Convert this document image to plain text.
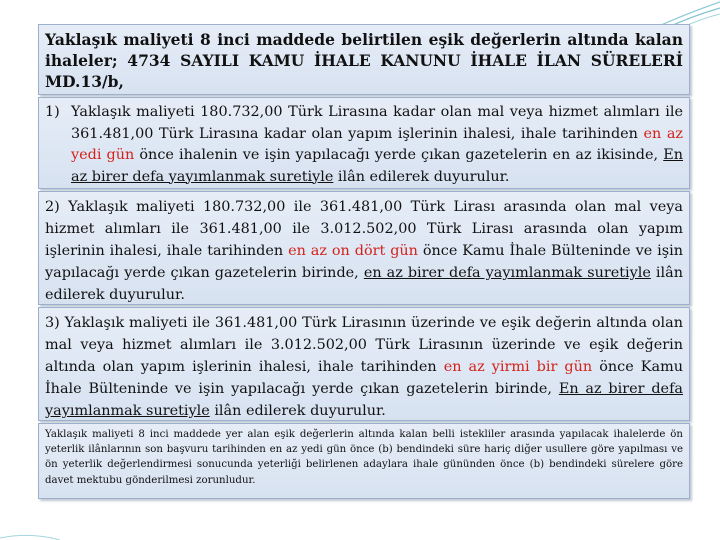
Yaklaşık maliyeti 8 inci maddede belirtilen eşik değerlerin altında kalan ihaleler; 4734 SAYILI KAMU İHALE KANUNU İHALE İLAN SÜRELERİ MD.13/b,

1) Yaklaşık maliyeti 180.732,00 Türk Lirasına kadar olan mal veya hizmet alımları ile 361.481,00 Türk Lirasına kadar olan yapım işlerinin ihalesi, ihale tarihinden en az yedi gün önce ihalenin ve işin yapılacağı yerde çıkan gazetelerin en az ikisinde, En az birer defa yayımlanmak suretiyle ilân edilerek duyurulur.

2) Yaklaşık maliyeti 180.732,00 ile 361.481,00 Türk Lirası arasında olan mal veya hizmet alımları ile 361.481,00 ile 3.012.502,00 Türk Lirası arasında olan yapım işlerinin ihalesi, ihale tarihinden en az on dört gün önce Kamu İhale Bülteninde ve işin yapılacağı yerde çıkan gazetelerin birinde, en az birer defa yayımlanmak suretiyle ilân edilerek duyurulur.

3) Yaklaşık maliyeti ile 361.481,00 Türk Lirasının üzerinde ve eşik değerin altında olan mal veya hizmet alımları ile 3.012.502,00 Türk Lirasının üzerinde ve eşik değerin altında olan yapım işlerinin ihalesi, ihale tarihinden en az yirmi bir gün önce Kamu İhale Bülteninde ve işin yapılacağı yerde çıkan gazetelerin birinde, En az birer defa yayımlanmak suretiyle ilân edilerek duyurulur.

Yaklaşık maliyeti 8 inci maddede yer alan eşik değerlerin altında kalan belli istekliler arasında yapılacak ihalelerde ön yeterlik ilânlarının son başvuru tarihinden en az yedi gün önce (b) bendindeki süre hariç diğer usullere göre yapılması ve ön yeterlik değerlendirmesi sonucunda yeterliği belirlenen adaylara ihale gününden önce (b) bendindeki sürelere göre davet mektubu gönderilmesi zorunludur.
